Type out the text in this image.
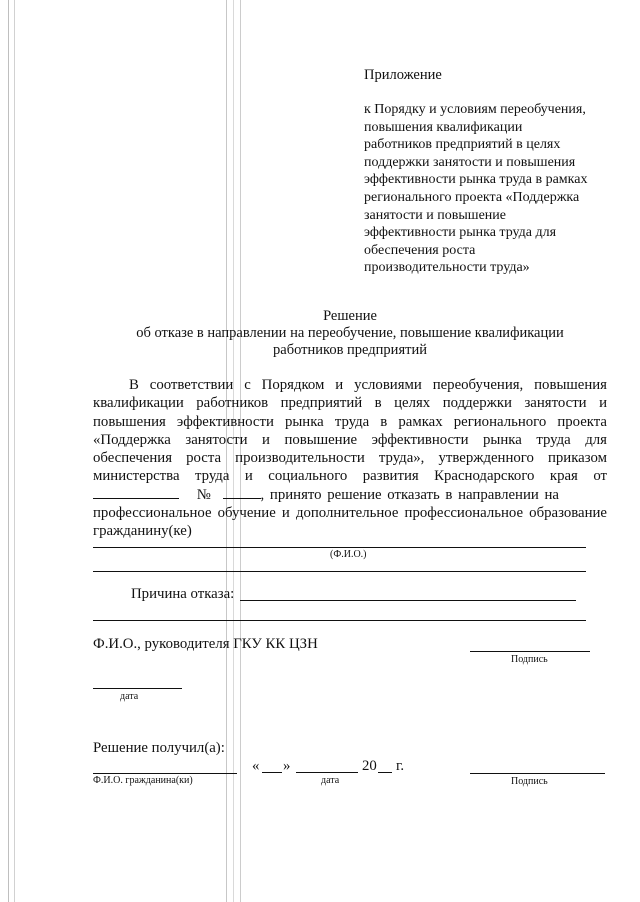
Приложение
к Порядку и условиям переобучения,
повышения квалификации
работников предприятий в целях
поддержки занятости и повышения
эффективности рынка труда в рамках
регионального проекта «Поддержка
занятости и повышение
эффективности рынка труда для
обеспечения роста
производительности труда»
Решение
об отказе в направлении на переобучение, повышение квалификации
работников предприятий
В соответствии с Порядком и условиями переобучения, повышения
квалификации работников предприятий в целях поддержки занятости и
повышения эффективности рынка труда в рамках регионального проекта
«Поддержка занятости и повышение эффективности рынка труда для
обеспечения роста производительности труда», утвержденного приказом
министерства труда и социального развития Краснодарского края от
№	, принято решение отказать в направлении на
профессиональное обучение и дополнительное профессиональное образование
гражданину(ке)
(Ф.И.О.)
Причина отказа:
Ф.И.О., руководителя ГКУ КК ЦЗН
Подпись
дата
Решение получил(а):
Ф.И.О. гражданина(ки)
« »	20 г.
дата	Подпись
